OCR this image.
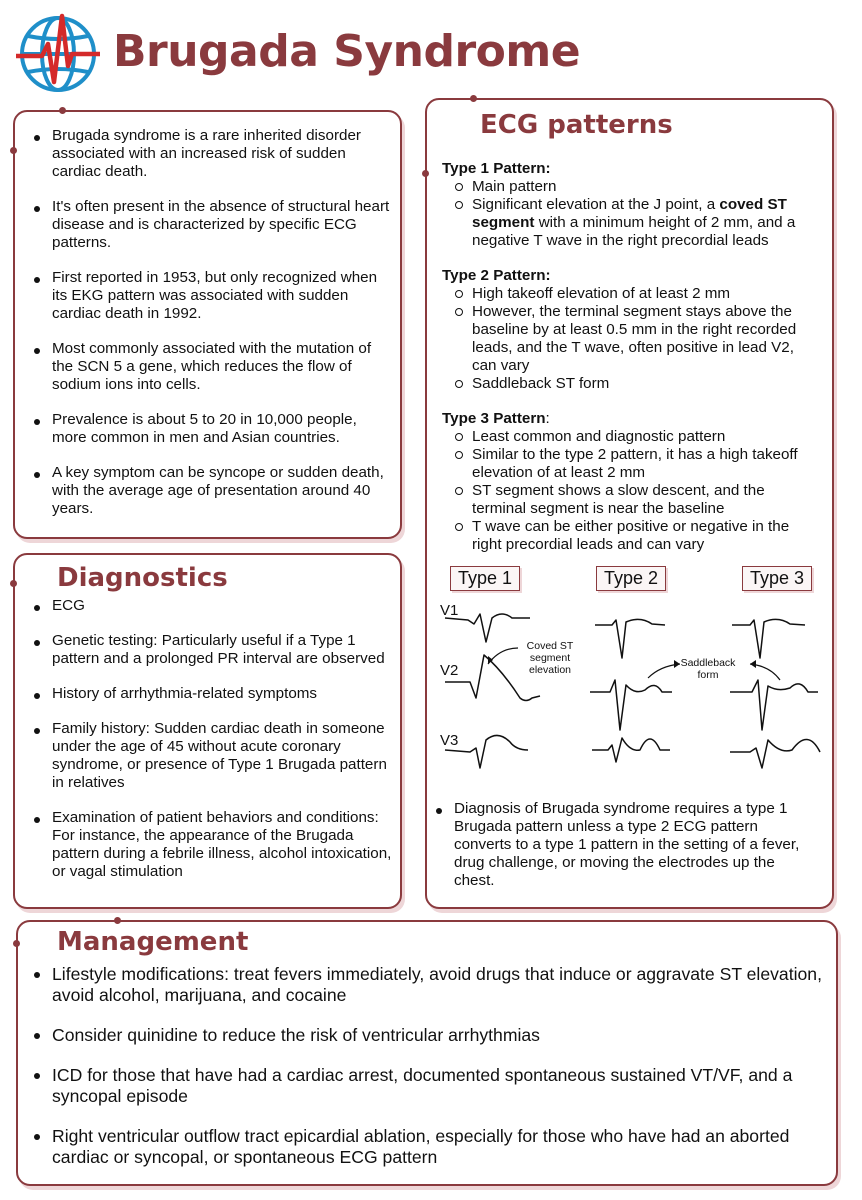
Brugada Syndrome
Brugada syndrome is a rare inherited disorder associated with an increased risk of sudden cardiac death.
It's often present in the absence of structural heart disease and is characterized by specific ECG patterns.
First reported in 1953, but only recognized when its EKG pattern was associated with sudden cardiac death in 1992.
Most commonly associated with the mutation of the SCN 5 a gene, which reduces the flow of sodium ions into cells.
Prevalence is about 5 to 20 in 10,000 people, more common in men and Asian countries.
A key symptom can be syncope or sudden death, with the average age of presentation around 40 years.
Diagnostics
ECG
Genetic testing: Particularly useful if a Type 1 pattern and a prolonged PR interval are observed
History of arrhythmia-related symptoms
Family history: Sudden cardiac death in someone under the age of 45 without acute coronary syndrome, or presence of Type 1 Brugada pattern in relatives
Examination of patient behaviors and conditions: For instance, the appearance of the Brugada pattern during a febrile illness, alcohol intoxication, or vagal stimulation
ECG patterns
Type 1 Pattern:
Main pattern
Significant elevation at the J point, a coved ST segment with a minimum height of 2 mm, and a negative T wave in the right precordial leads
Type 2 Pattern:
High takeoff elevation of at least 2 mm
However, the terminal segment stays above the baseline by at least 0.5 mm in the right recorded leads, and the T wave, often positive in lead V2, can vary
Saddleback ST form
Type 3 Pattern:
Least common and diagnostic pattern
Similar to the type 2 pattern, it has a high takeoff elevation of at least 2 mm
ST segment shows a slow descent, and the terminal segment is near the baseline
T wave can be either positive or negative in the right precordial leads and can vary
Type 1	Type 2	Type 3
V1
V2
V3
Coved ST
segment
elevation
Saddleback
form
Diagnosis of Brugada syndrome requires a type 1 Brugada pattern unless a type 2 ECG pattern converts to a type 1 pattern in the setting of a fever, drug challenge, or moving the electrodes up the chest.
Management
Lifestyle modifications: treat fevers immediately, avoid drugs that induce or aggravate ST elevation, avoid alcohol, marijuana, and cocaine
Consider quinidine to reduce the risk of ventricular arrhythmias
ICD for those that have had a cardiac arrest, documented spontaneous sustained VT/VF, and a syncopal episode
Right ventricular outflow tract epicardial ablation, especially for those who have had an aborted cardiac or syncopal, or spontaneous ECG pattern
